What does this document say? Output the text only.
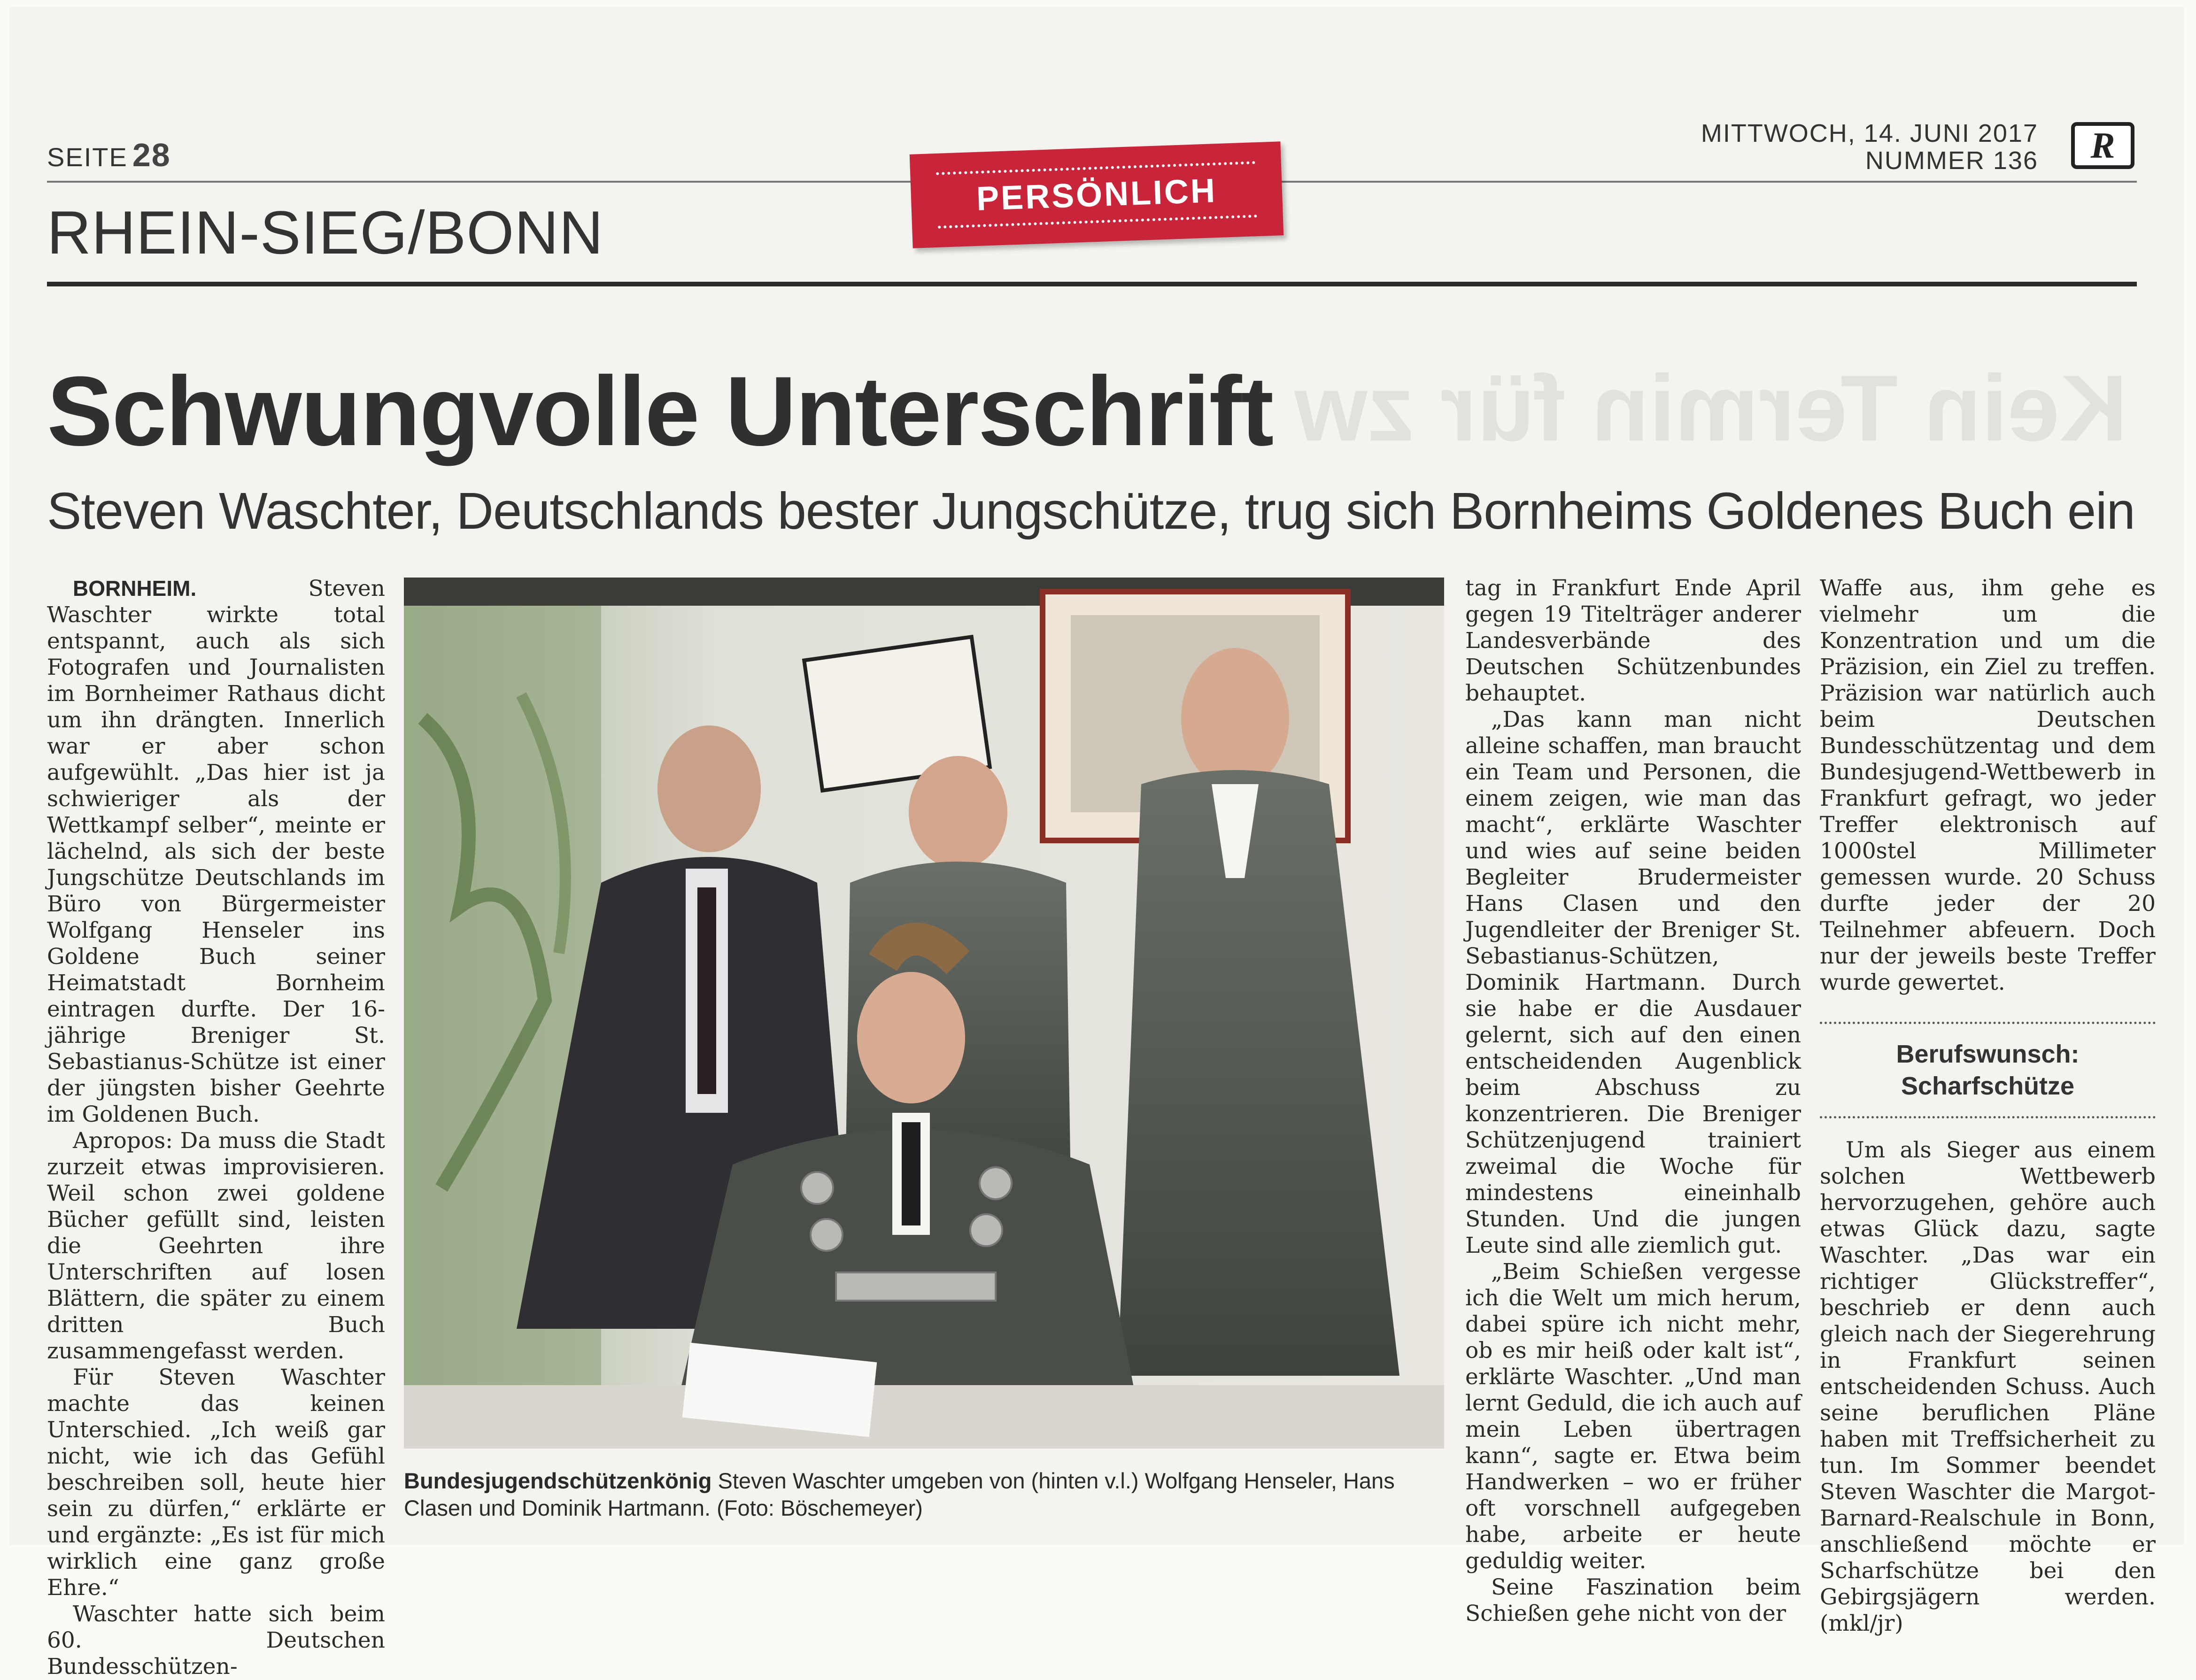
SEITE 28
MITTWOCH, 14. JUNI 2017
NUMMER 136 R
PERSÖNLICH
RHEIN-SIEG/BONN
Kein Termin für zw
Schwungvolle Unterschrift
Steven Waschter, Deutschlands bester Jungschütze, trug sich Bornheims Goldenes Buch ein

BORNHEIM.	Steven Waschter wirkte total entspannt, auch als sich Fotografen und Journalisten im Bornheimer Rathaus dicht um ihn drängten. Innerlich war er aber schon aufgewühlt. „Das hier ist ja schwieriger als der Wettkampf selber“, meinte er lächelnd, als sich der beste Jungschütze Deutschlands im Büro von Bürgermeister Wolfgang Henseler ins Goldene Buch seiner Heimatstadt Bornheim eintragen durfte. Der 16-jährige Breniger St. Sebastianus-Schütze ist einer der jüngsten bisher Geehrte im Goldenen Buch.

Apropos: Da muss die Stadt zurzeit etwas improvisieren. Weil schon zwei goldene Bücher gefüllt sind, leisten die Geehrten ihre Unterschriften auf losen Blättern, die später zu einem dritten Buch zusammengefasst werden.

Für Steven Waschter machte das keinen Unterschied. „Ich weiß gar nicht, wie ich das Gefühl beschreiben soll, heute hier sein zu dürfen,“ erklärte er und ergänzte: „Es ist für mich wirklich eine ganz große Ehre.“

Waschter hatte sich beim 60. Deutschen Bundesschützen-

Bundesjugendschützenkönig Steven Waschter umgeben von (hinten v.l.) Wolfgang Henseler, Hans Clasen und Dominik Hartmann. (Foto: Böschemeyer)

tag in Frankfurt Ende April gegen 19 Titelträger anderer Landesverbände des Deutschen Schützenbundes behauptet.

„Das kann man nicht alleine schaffen, man braucht ein Team und Personen, die einem zeigen, wie man das macht“, erklärte Waschter und wies auf seine beiden Begleiter Brudermeister Hans Clasen und den Jugendleiter der Breniger St. Sebastianus-Schützen, Dominik Hartmann. Durch sie habe er die Ausdauer gelernt, sich auf den einen entscheidenden Augenblick beim Abschuss zu konzentrieren. Die Breniger Schützenjugend trainiert zweimal die Woche für mindestens eineinhalb Stunden. Und die jungen Leute sind alle ziemlich gut.

„Beim Schießen vergesse ich die Welt um mich herum, dabei spüre ich nicht mehr, ob es mir heiß oder kalt ist“, erklärte Waschter. „Und man lernt Geduld, die ich auch auf mein Leben übertragen kann“, sagte er. Etwa beim Handwerken – wo er früher oft vorschnell aufgegeben habe, arbeite er heute geduldig weiter.

Seine Faszination beim Schießen gehe nicht von der

Waffe aus, ihm gehe es vielmehr um die Konzentration und um die Präzision, ein Ziel zu treffen. Präzision war natürlich auch beim Deutschen Bundesschützentag und dem Bundesjugend-Wettbewerb in Frankfurt gefragt, wo jeder Treffer elektronisch auf 1000stel Millimeter gemessen wurde. 20 Schuss durfte jeder der 20 Teilnehmer abfeuern. Doch nur der jeweils beste Treffer wurde gewertet.

Berufswunsch:
Scharfschütze

Um als Sieger aus einem solchen Wettbewerb hervorzugehen, gehöre auch etwas Glück dazu, sagte Waschter. „Das war ein richtiger Glückstreffer“, beschrieb er denn auch gleich nach der Siegerehrung in Frankfurt seinen entscheidenden Schuss. Auch seine beruflichen Pläne haben mit Treffsicherheit zu tun. Im Sommer beendet Steven Waschter die Margot-Barnard-Realschule in Bonn, anschließend möchte er Scharfschütze bei den Gebirgsjägern werden. (mkl/jr)
